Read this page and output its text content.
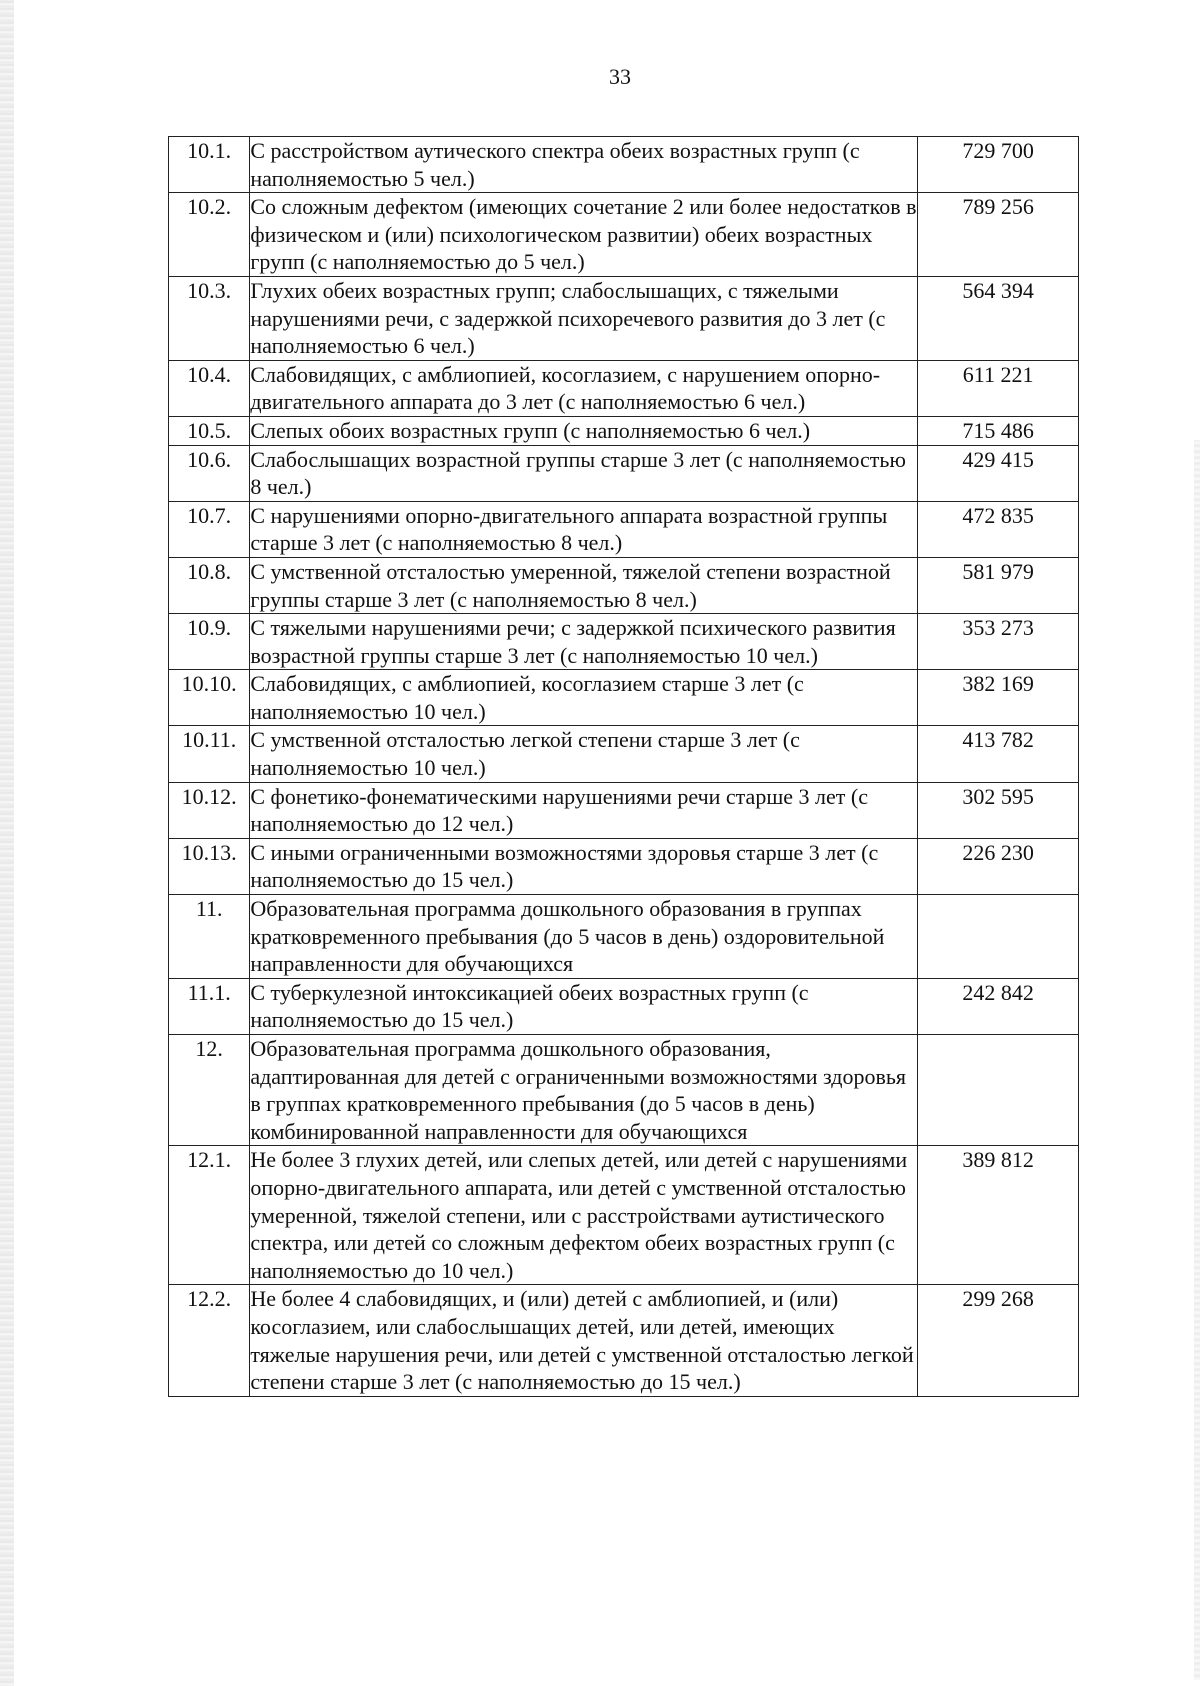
33
10.1.	С расстройством аутического спектра обеих возрастных групп (с наполняемостью 5 чел.)	729 700
10.2.	Со сложным дефектом (имеющих сочетание 2 или более недостатков в физическом и (или) психологическом развитии) обеих возрастных групп (с наполняемостью до 5 чел.)	789 256
10.3.	Глухих обеих возрастных групп; слабослышащих, с тяжелыми нарушениями речи, с задержкой психоречевого развития до 3 лет (с наполняемостью 6 чел.)	564 394
10.4.	Слабовидящих, с амблиопией, косоглазием, с нарушением опорно-двигательного аппарата до 3 лет (с наполняемостью 6 чел.)	611 221
10.5.	Слепых обоих возрастных групп (с наполняемостью 6 чел.)	715 486
10.6.	Слабослышащих возрастной группы старше 3 лет (с наполняемостью 8 чел.)	429 415
10.7.	С нарушениями опорно-двигательного аппарата возрастной группы старше 3 лет (с наполняемостью 8 чел.)	472 835
10.8.	С умственной отсталостью умеренной, тяжелой степени возрастной группы старше 3 лет (с наполняемостью 8 чел.)	581 979
10.9.	С тяжелыми нарушениями речи; с задержкой психического развития возрастной группы старше 3 лет (с наполняемостью 10 чел.)	353 273
10.10.	Слабовидящих, с амблиопией, косоглазием старше 3 лет (с наполняемостью 10 чел.)	382 169
10.11.	С умственной отсталостью легкой степени старше 3 лет (с наполняемостью 10 чел.)	413 782
10.12.	С фонетико-фонематическими нарушениями речи старше 3 лет (с наполняемостью до 12 чел.)	302 595
10.13.	С иными ограниченными возможностями здоровья старше 3 лет (с наполняемостью до 15 чел.)	226 230
11.	Образовательная программа дошкольного образования в группах кратковременного пребывания (до 5 часов в день) оздоровительной направленности для обучающихся	
11.1.	С туберкулезной интоксикацией обеих возрастных групп (с наполняемостью до 15 чел.)	242 842
12.	Образовательная программа дошкольного образования, адаптированная для детей с ограниченными возможностями здоровья в группах кратковременного пребывания (до 5 часов в день) комбинированной направленности для обучающихся	
12.1.	Не более 3 глухих детей, или слепых детей, или детей с нарушениями опорно-двигательного аппарата, или детей с умственной отсталостью умеренной, тяжелой степени, или с расстройствами аутистического спектра, или детей со сложным дефектом обеих возрастных групп (с наполняемостью до 10 чел.)	389 812
12.2.	Не более 4 слабовидящих, и (или) детей с амблиопией, и (или) косоглазием, или слабослышащих детей, или детей, имеющих тяжелые нарушения речи, или детей с умственной отсталостью легкой степени старше 3 лет (с наполняемостью до 15 чел.)	299 268
